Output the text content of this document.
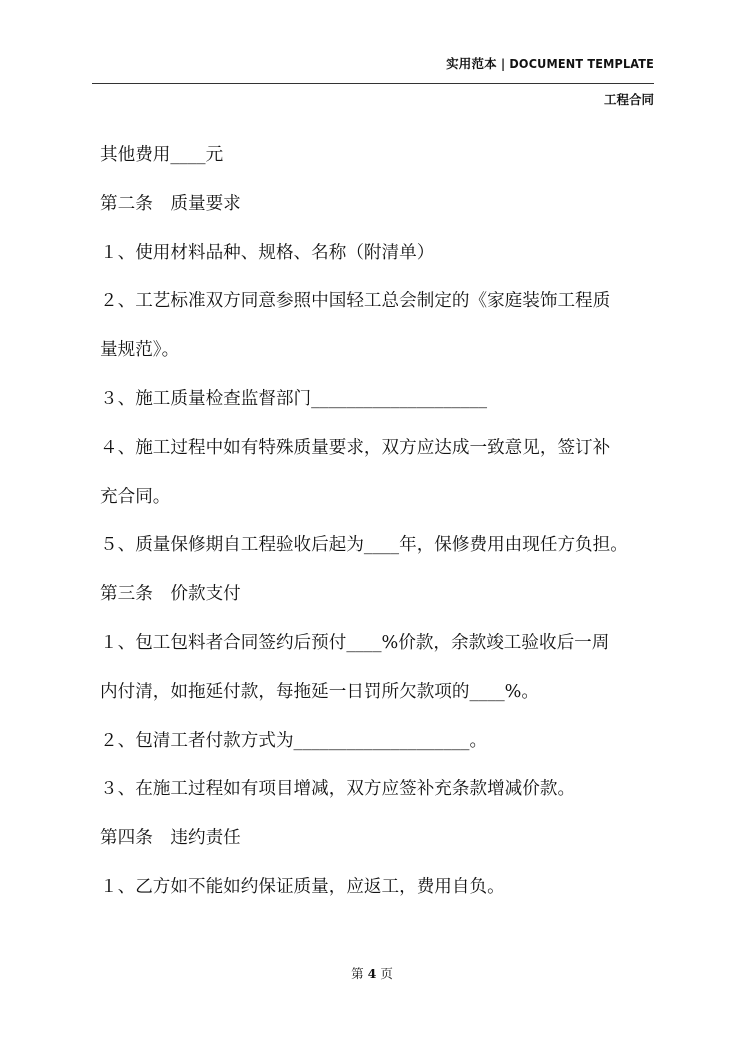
实用范本 | DOCUMENT TEMPLATE
工程合同
其他费用____元
第二条　质量要求
１、使用材料品种、规格、名称（附清单）
２、工艺标准双方同意参照中国轻工总会制定的《家庭装饰工程质
量规范》。
３、施工质量检查监督部门____________________
４、施工过程中如有特殊质量要求，双方应达成一致意见，签订补
充合同。
５、质量保修期自工程验收后起为____年，保修费用由现任方负担。
第三条　价款支付
１、包工包料者合同签约后预付____%价款，余款竣工验收后一周
内付清，如拖延付款，每拖延一日罚所欠款项的____%。
２、包清工者付款方式为____________________。
３、在施工过程如有项目增减，双方应签补充条款增减价款。
第四条　违约责任
１、乙方如不能如约保证质量，应返工，费用自负。
第 4 页
